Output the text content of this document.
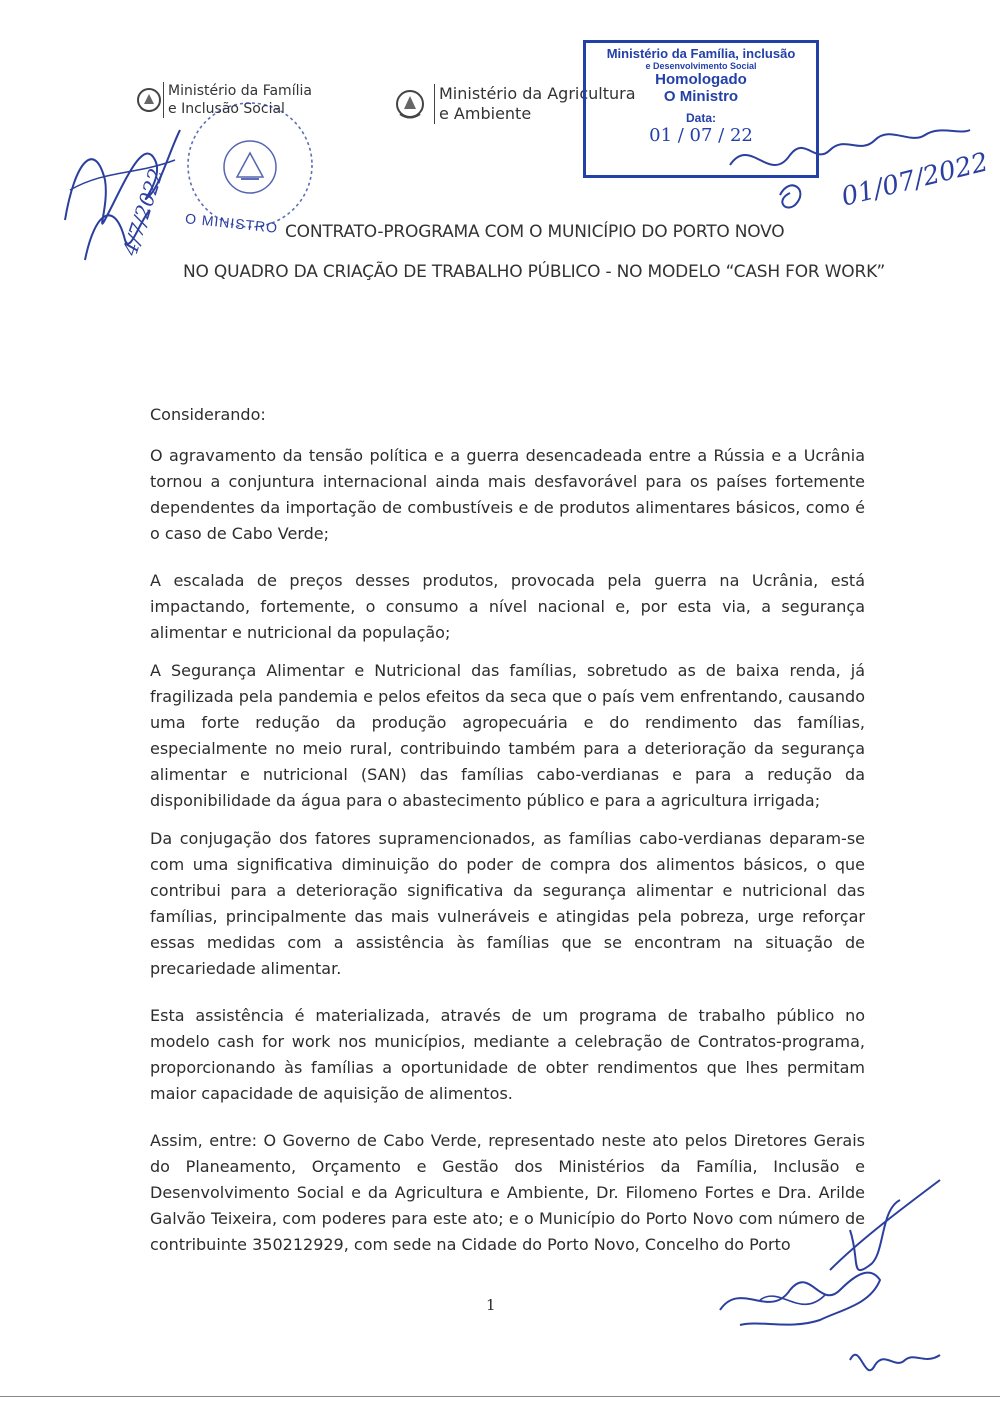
Ministério da Família
e Inclusão Social
Ministério da Agricultura
e Ambiente
O MINISTRO
4/7/2022
Ministério da Família, inclusão
e Desenvolvimento Social
Homologado
O Ministro
Data:
01 / 07 / 22
01/07/2022
CONTRATO-PROGRAMA COM O MUNICÍPIO DO PORTO NOVO
NO QUADRO DA CRIAÇÃO DE TRABALHO PÚBLICO - NO MODELO “CASH FOR WORK”
Considerando:
O agravamento da tensão política e a guerra desencadeada entre a Rússia e a Ucrânia tornou a conjuntura internacional ainda mais desfavorável para os países fortemente dependentes da importação de combustíveis e de produtos alimentares básicos, como é o caso de Cabo Verde;
A escalada de preços desses produtos, provocada pela guerra na Ucrânia, está impactando, fortemente, o consumo a nível nacional e, por esta via, a segurança alimentar e nutricional da população;
A Segurança Alimentar e Nutricional das famílias, sobretudo as de baixa renda, já fragilizada pela pandemia e pelos efeitos da seca que o país vem enfrentando, causando uma forte redução da produção agropecuária e do rendimento das famílias, especialmente no meio rural, contribuindo também para a deterioração da segurança alimentar e nutricional (SAN) das famílias cabo-verdianas e para a redução da disponibilidade da água para o abastecimento público e para a agricultura irrigada;
Da conjugação dos fatores supramencionados, as famílias cabo-verdianas deparam-se com uma significativa diminuição do poder de compra dos alimentos básicos, o que contribui para a deterioração significativa da segurança alimentar e nutricional das famílias, principalmente das mais vulneráveis e atingidas pela pobreza, urge reforçar essas medidas com a assistência às famílias que se encontram na situação de precariedade alimentar.
Esta assistência é materializada, através de um programa de trabalho público no modelo cash for work nos municípios, mediante a celebração de Contratos-programa, proporcionando às famílias a oportunidade de obter rendimentos que lhes permitam maior capacidade de aquisição de alimentos.
Assim, entre: O Governo de Cabo Verde, representado neste ato pelos Diretores Gerais do Planeamento, Orçamento e Gestão dos Ministérios da Família, Inclusão e Desenvolvimento Social e da Agricultura e Ambiente, Dr. Filomeno Fortes e Dra. Arilde Galvão Teixeira, com poderes para este ato; e o Município do Porto Novo com número de contribuinte 350212929, com sede na Cidade do Porto Novo, Concelho do Porto
1
